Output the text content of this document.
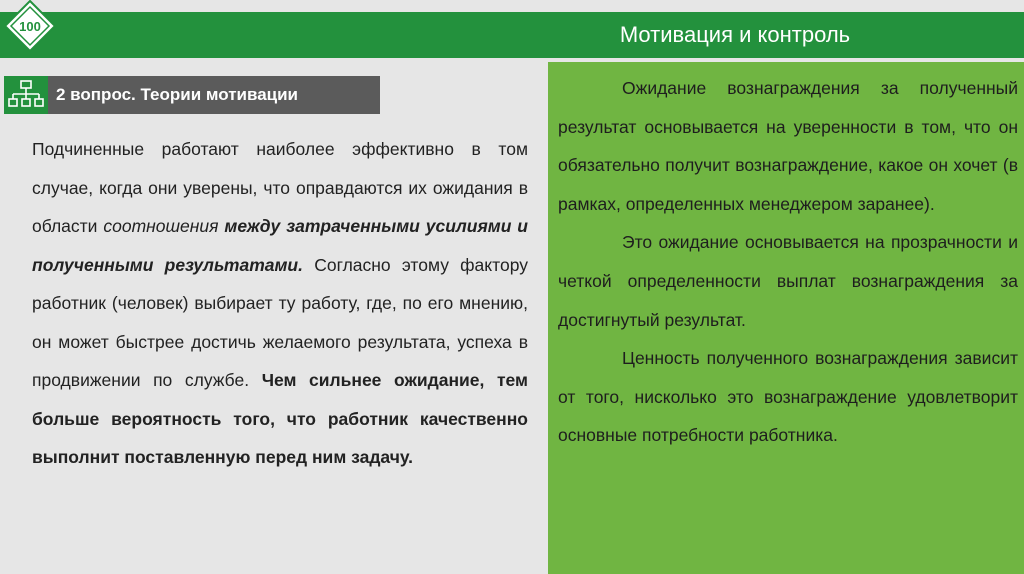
100	Мотивация и контроль
2 вопрос. Теории мотивации
Подчиненные работают наиболее эффективно в том случае, когда они уверены, что оправдаются их ожидания в области соотношения между затраченными усилиями и полученными результатами. Согласно этому фактору работник (человек) выбирает ту работу, где, по его мнению, он может быстрее достичь желаемого результата, успеха в продвижении по службе. Чем сильнее ожидание, тем больше вероятность того, что работник качественно выполнит поставленную перед ним задачу.

Ожидание вознаграждения за полученный результат основывается на уверенности в том, что он обязательно получит вознаграждение, какое он хочет (в рамках, определенных менеджером заранее).

Это ожидание основывается на прозрачности и четкой определенности выплат вознаграждения за достигнутый результат.

Ценность полученного вознаграждения зависит от того, нисколько это вознаграждение удовлетворит основные потребности работника.
